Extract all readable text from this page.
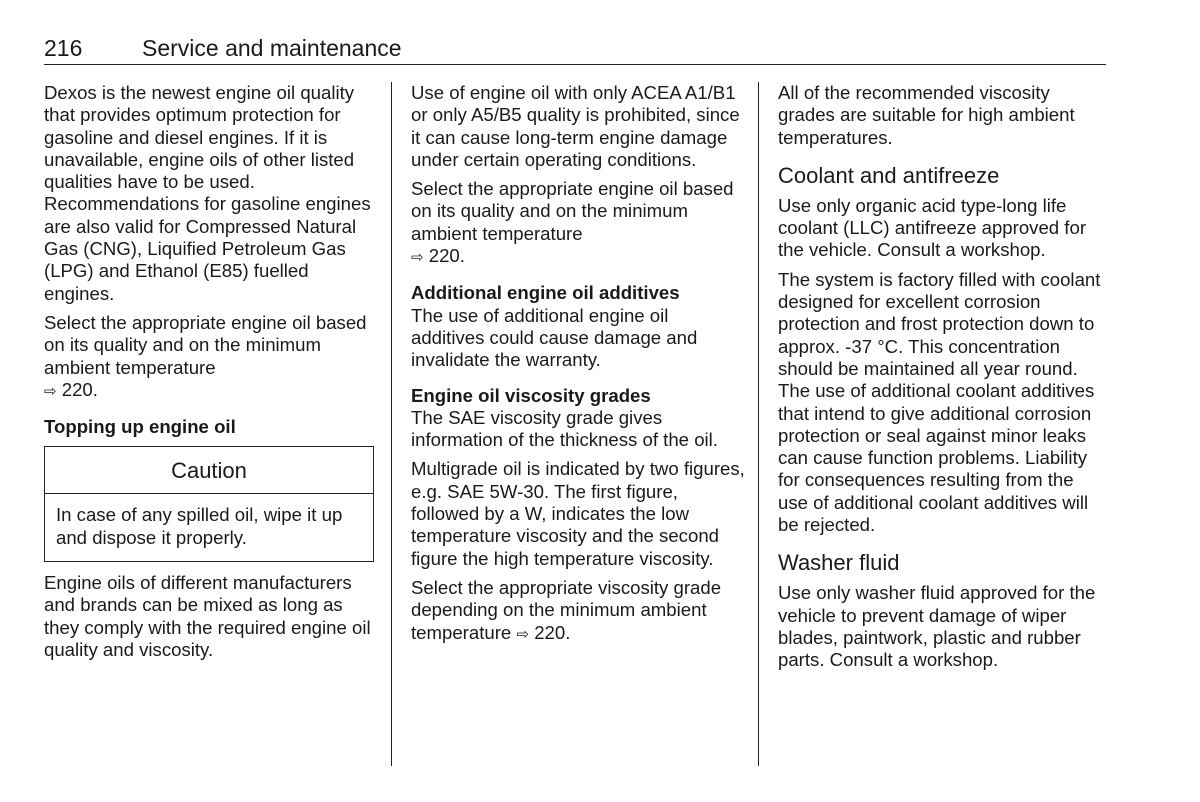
216	Service and maintenance

Dexos is the newest engine oil quality that provides optimum protection for gasoline and diesel engines. If it is unavailable, engine oils of other listed qualities have to be used. Recommendations for gasoline engines are also valid for Compressed Natural Gas (CNG), Liquified Petroleum Gas (LPG) and Ethanol (E85) fuelled engines.

Select the appropriate engine oil based on its quality and on the minimum ambient temperature
⇨ 220.

Topping up engine oil
Caution
In case of any spilled oil, wipe it up and dispose it properly.

Engine oils of different manufacturers and brands can be mixed as long as they comply with the required engine oil quality and viscosity.

Use of engine oil with only ACEA A1/B1 or only A5/B5 quality is prohibited, since it can cause long-term engine damage under certain operating conditions.

Select the appropriate engine oil based on its quality and on the minimum ambient temperature
⇨ 220.

Additional engine oil additives

The use of additional engine oil additives could cause damage and invalidate the warranty.

Engine oil viscosity grades

The SAE viscosity grade gives information of the thickness of the oil.

Multigrade oil is indicated by two figures, e.g. SAE 5W-30. The first figure, followed by a W, indicates the low temperature viscosity and the second figure the high temperature viscosity.

Select the appropriate viscosity grade depending on the minimum ambient temperature ⇨ 220.

All of the recommended viscosity grades are suitable for high ambient temperatures.

Coolant and antifreeze

Use only organic acid type-long life coolant (LLC) antifreeze approved for the vehicle. Consult a workshop.

The system is factory filled with coolant designed for excellent corrosion protection and frost protection down to approx. -37 °C. This concentration should be maintained all year round. The use of additional coolant additives that intend to give additional corrosion protection or seal against minor leaks can cause function problems. Liability for consequences resulting from the use of additional coolant additives will be rejected.

Washer fluid

Use only washer fluid approved for the vehicle to prevent damage of wiper blades, paintwork, plastic and rubber parts. Consult a workshop.
